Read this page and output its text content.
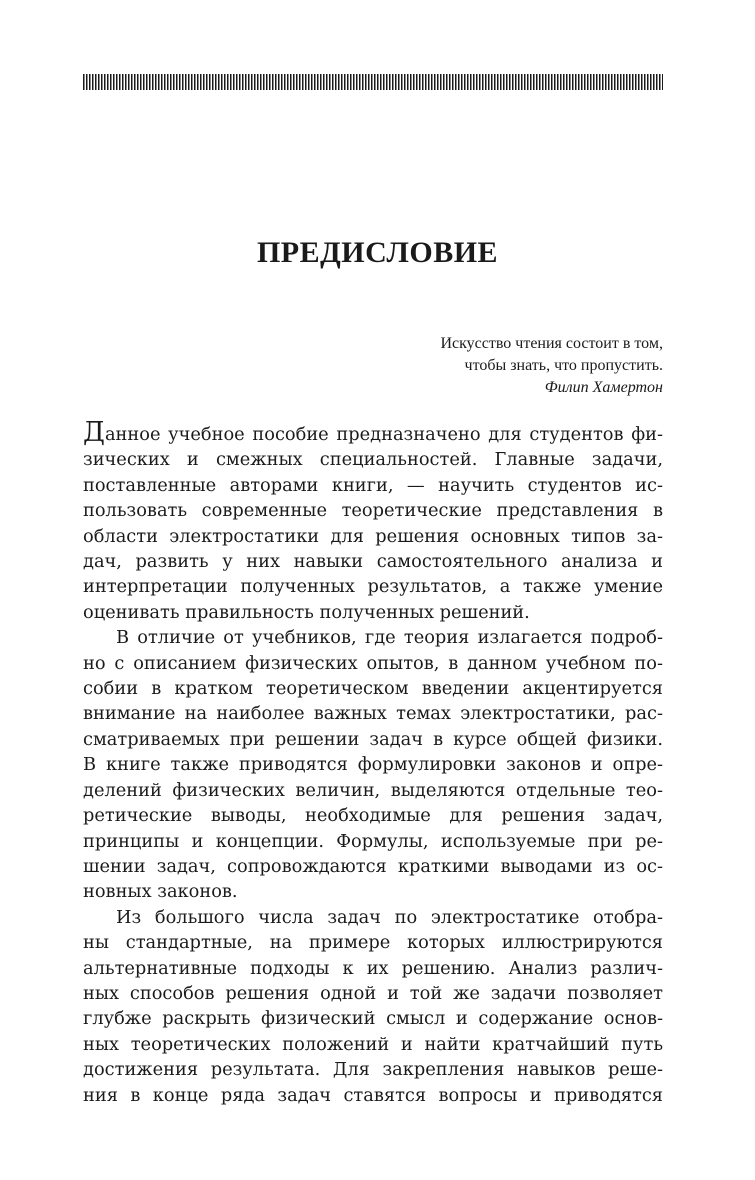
ПРЕДИСЛОВИЕ
Искусство чтения состоит в том,
чтобы знать, что пропустить.
Филип Хамертон
Данное учебное пособие предназначено для студентов фи-
зических и смежных специальностей. Главные задачи,
поставленные авторами книги, — научить студентов ис-
пользовать современные теоретические представления в
области электростатики для решения основных типов за-
дач, развить у них навыки самостоятельного анализа и
интерпретации полученных результатов, а также умение
оценивать правильность полученных решений.
В отличие от учебников, где теория излагается подроб-
но с описанием физических опытов, в данном учебном по-
собии в кратком теоретическом введении акцентируется
внимание на наиболее важных темах электростатики, рас-
сматриваемых при решении задач в курсе общей физики.
В книге также приводятся формулировки законов и опре-
делений физических величин, выделяются отдельные тео-
ретические выводы, необходимые для решения задач,
принципы и концепции. Формулы, используемые при ре-
шении задач, сопровождаются краткими выводами из ос-
новных законов.
Из большого числа задач по электростатике отобра-
ны стандартные, на примере которых иллюстрируются
альтернативные подходы к их решению. Анализ различ-
ных способов решения одной и той же задачи позволяет
глубже раскрыть физический смысл и содержание основ-
ных теоретических положений и найти кратчайший путь
достижения результата. Для закрепления навыков реше-
ния в конце ряда задач ставятся вопросы и приводятся
